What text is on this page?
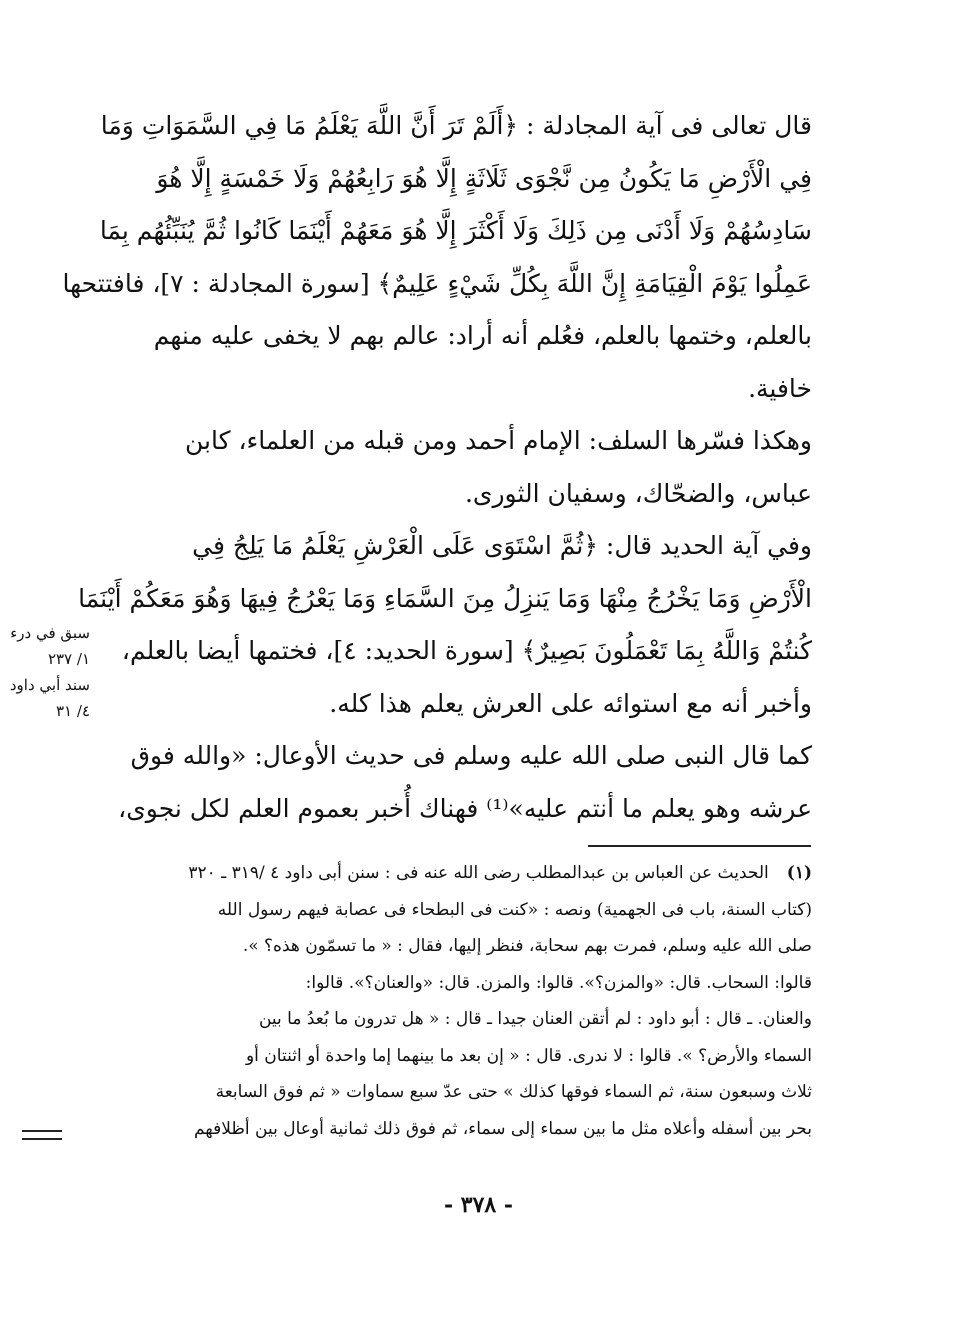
قال تعالى فى آية المجادلة : ﴿أَلَمْ تَرَ أَنَّ اللَّهَ يَعْلَمُ مَا فِي السَّمَوَاتِ وَمَا
فِي الْأَرْضِ مَا يَكُونُ مِن نَّجْوَى ثَلَاثَةٍ إِلَّا هُوَ رَابِعُهُمْ وَلَا خَمْسَةٍ إِلَّا هُوَ
سَادِسُهُمْ وَلَا أَدْنَى مِن ذَلِكَ وَلَا أَكْثَرَ إِلَّا هُوَ مَعَهُمْ أَيْنَمَا كَانُوا ثُمَّ يُنَبِّئُهُم بِمَا
عَمِلُوا يَوْمَ الْقِيَامَةِ إِنَّ اللَّهَ بِكُلِّ شَيْءٍ عَلِيمٌ﴾ [سورة المجادلة : ٧]، فافتتحها
بالعلم، وختمها بالعلم، فعُلم أنه أراد: عالم بهم لا يخفى عليه منهم
خافية.
وهكذا فسّرها السلف: الإمام أحمد ومن قبله من العلماء، كابن
عباس، والضحّاك، وسفيان الثورى.
وفي آية الحديد قال: ﴿ثُمَّ اسْتَوَى عَلَى الْعَرْشِ يَعْلَمُ مَا يَلِجُ فِي
الْأَرْضِ وَمَا يَخْرُجُ مِنْهَا وَمَا يَنزِلُ مِنَ السَّمَاءِ وَمَا يَعْرُجُ فِيهَا وَهُوَ مَعَكُمْ أَيْنَمَا
كُنتُمْ وَاللَّهُ بِمَا تَعْمَلُونَ بَصِيرٌ﴾ [سورة الحديد: ٤]، فختمها أيضا بالعلم،
وأخبر أنه مع استوائه على العرش يعلم هذا كله.
كما قال النبى صلى الله عليه وسلم فى حديث الأوعال: «والله فوق
عرشه وهو يعلم ما أنتم عليه»⁽¹⁾ فهناك أُخبر بعموم العلم لكل نجوى،
(١)الحديث عن العباس بن عبدالمطلب رضى الله عنه فى : سنن أبى داود ٤ /٣١٩ ـ ٣٢٠
(كتاب السنة، باب فى الجهمية) ونصه : «كنت فى البطحاء فى عصابة فيهم رسول الله
صلى الله عليه وسلم، فمرت بهم سحابة، فنظر إليها، فقال : « ما تسمّون هذه؟ ».
قالوا: السحاب. قال: «والمزن؟». قالوا: والمزن. قال: «والعنان؟». قالوا:
والعنان. ـ قال : أبو داود : لم أتقن العنان جيدا ـ قال : « هل تدرون ما بُعدُ ما بين
السماء والأرض؟ ». قالوا : لا ندرى. قال : « إن بعد ما بينهما إما واحدة أو اثنتان أو
ثلاث وسبعون سنة، ثم السماء فوقها كذلك » حتى عدّ سبع سماوات « ثم فوق السابعة
بحر بين أسفله وأعلاه مثل ما بين سماء إلى سماء، ثم فوق ذلك ثمانية أوعال بين أظلافهم
سبق في درء
١/ ٢٣٧
سند أبي داود
٤/ ٣١
- ٣٧٨ -
